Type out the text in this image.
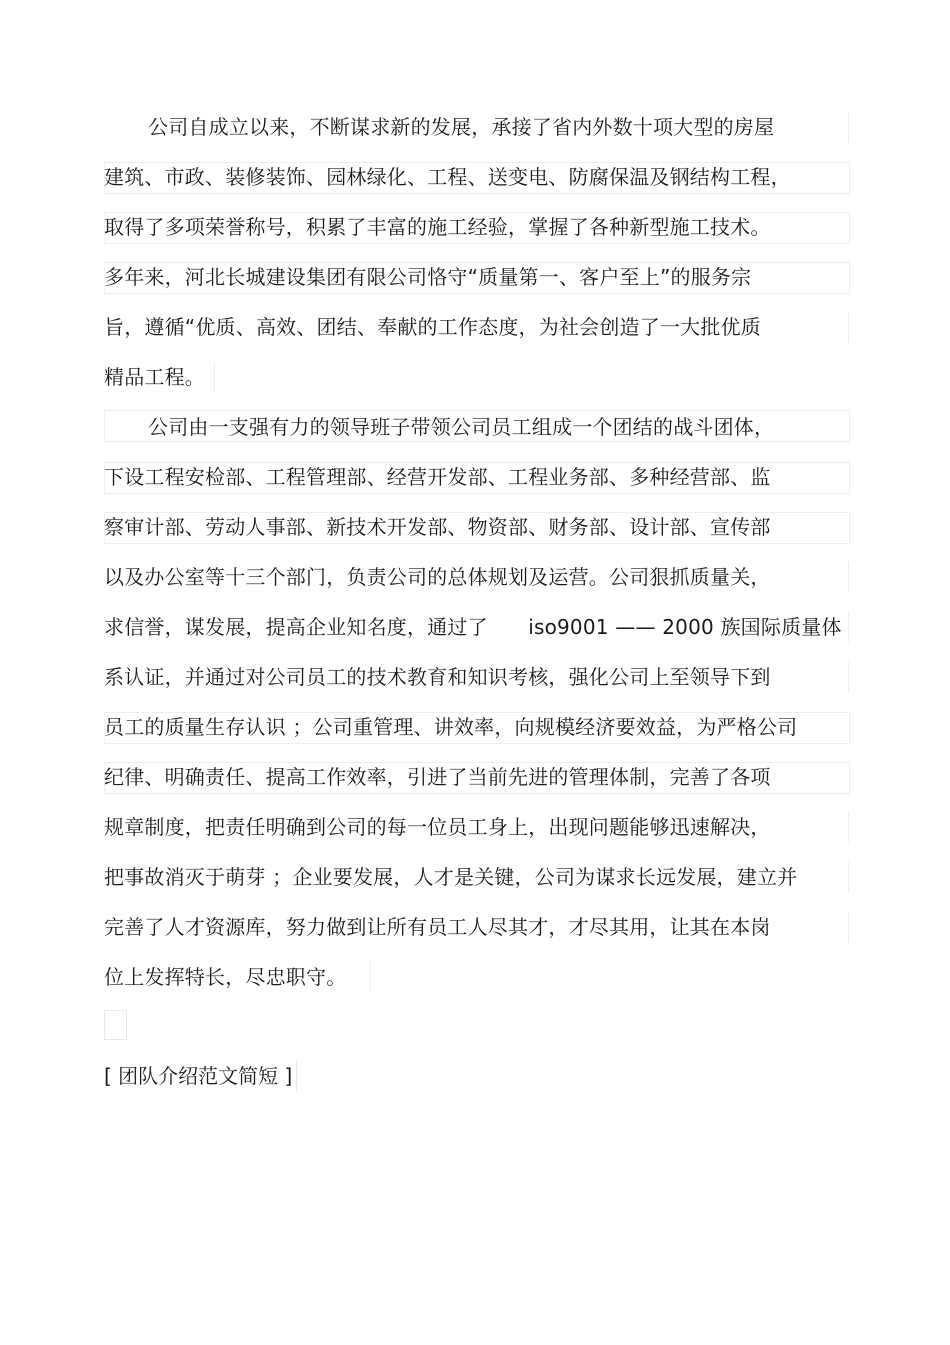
公司自成立以来，不断谋求新的发展，承接了省内外数十项大型的房屋
建筑、市政、装修装饰、园林绿化、工程、送变电、防腐保温及钢结构工程，
取得了多项荣誉称号，积累了丰富的施工经验，掌握了各种新型施工技术。
多年来，河北长城建设集团有限公司恪守“质量第一、客户至上”的服务宗
旨，遵循“优质、高效、团结、奉献的工作态度，为社会创造了一大批优质
精品工程。
公司由一支强有力的领导班子带领公司员工组成一个团结的战斗团体，
下设工程安检部、工程管理部、经营开发部、工程业务部、多种经营部、监
察审计部、劳动人事部、新技术开发部、物资部、财务部、设计部、宣传部
以及办公室等十三个部门，负责公司的总体规划及运营。公司狠抓质量关，
求信誉，谋发展，提高企业知名度，通过了　　iso9001 —— 2000 族国际质量体
系认证，并通过对公司员工的技术教育和知识考核，强化公司上至领导下到
员工的质量生存认识 ；公司重管理、讲效率，向规模经济要效益，为严格公司
纪律、明确责任、提高工作效率，引进了当前先进的管理体制，完善了各项
规章制度，把责任明确到公司的每一位员工身上，出现问题能够迅速解决，
把事故消灭于萌芽 ；企业要发展，人才是关键，公司为谋求长远发展，建立并
完善了人才资源库，努力做到让所有员工人尽其才，才尽其用，让其在本岗
位上发挥特长，尽忠职守。
[ 团队介绍范文简短 ]
